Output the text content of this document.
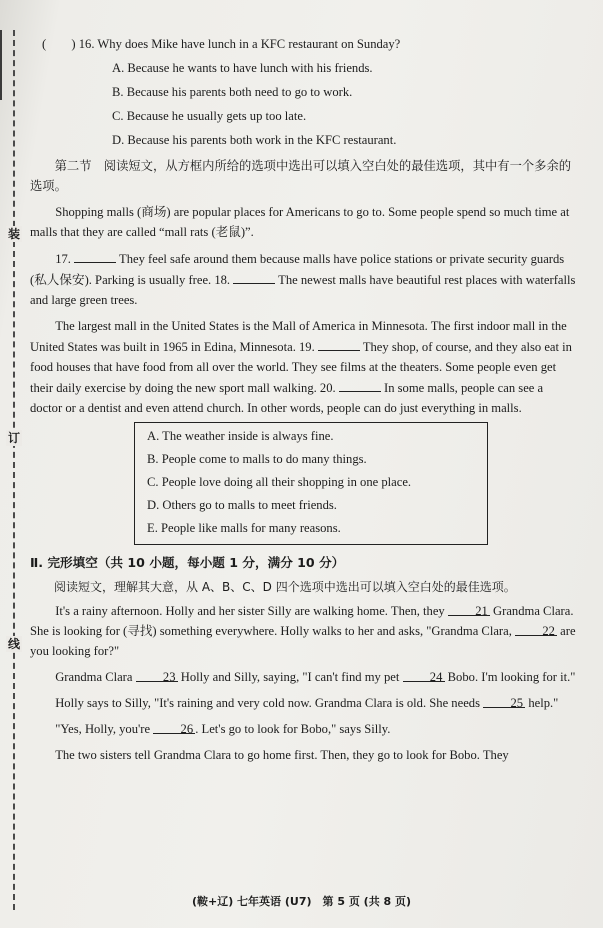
装
订
线

(　　) 16. Why does Mike have lunch in a KFC restaurant on Sunday?

A. Because he wants to have lunch with his friends.

B. Because his parents both need to go to work.

C. Because he usually gets up too late.

D. Because his parents both work in the KFC restaurant.

第二节　阅读短文，从方框内所给的选项中选出可以填入空白处的最佳选项，其中有一个多余的选项。

Shopping malls (商场) are popular places for Americans to go to. Some people spend so much time at malls that they are called “mall rats (老鼠)”.

17.	They feel safe around them because malls have police stations or private security guards (私人保安). Parking is usually free. 18.	The newest malls have beautiful rest places with waterfalls and large green trees.

The largest mall in the United States is the Mall of America in Minnesota. The first indoor mall in the United States was built in 1965 in Edina, Minnesota. 19.	They shop, of course, and they also eat in food houses that have food from all over the world. They see films at the theaters. Some people even get their daily exercise by doing the new sport mall walking. 20.	In some malls, people can see a doctor or a dentist and even attend church. In other words, people can do just everything in malls.

A. The weather inside is always fine.
B. People come to malls to do many things.
C. People love doing all their shopping in one place.
D. Others go to malls to meet friends.
E. People like malls for many reasons.

Ⅱ. 完形填空（共 10 小题，每小题 1 分，满分 10 分）

阅读短文，理解其大意，从 A、B、C、D 四个选项中选出可以填入空白处的最佳选项。

It's a rainy afternoon. Holly and her sister Silly are walking home. Then, they 21 Grandma Clara. She is looking for (寻找) something everywhere. Holly walks to her and asks, "Grandma Clara, 22 are you looking for?"

Grandma Clara 23 Holly and Silly, saying, "I can't find my pet 24 Bobo. I'm looking for it."

Holly says to Silly, "It's raining and very cold now. Grandma Clara is old. She needs 25 help."

"Yes, Holly, you're 26 . Let's go to look for Bobo," says Silly.

The two sisters tell Grandma Clara to go home first. Then, they go to look for Bobo. They

(鞍+辽) 七年英语 (U7)　第 5 页 (共 8 页)
